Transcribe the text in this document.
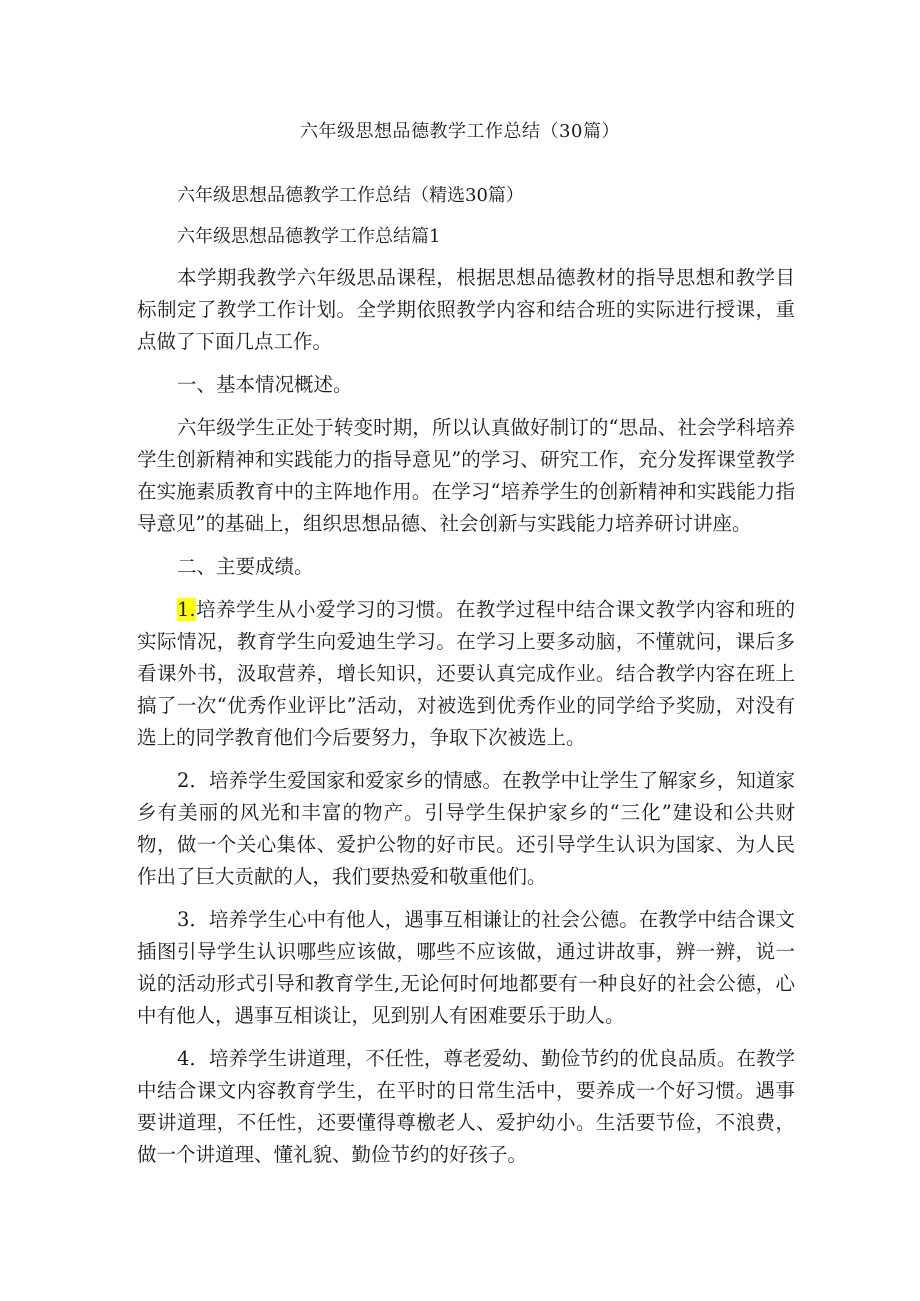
六年级思想品德教学工作总结（30篇）
六年级思想品德教学工作总结（精选30篇）
六年级思想品德教学工作总结篇1

本学期我教学六年级思品课程，根据思想品德教材的指导思想和教学目标制定了教学工作计划。全学期依照教学内容和结合班的实际进行授课，重点做了下面几点工作。

一、基本情况概述。

六年级学生正处于转变时期，所以认真做好制订的“思品、社会学科培养学生创新精神和实践能力的指导意见”的学习、研究工作，充分发挥课堂教学在实施素质教育中的主阵地作用。在学习“培养学生的创新精神和实践能力指导意见”的基础上，组织思想品德、社会创新与实践能力培养研讨讲座。

二、主要成绩。

1.培养学生从小爱学习的习惯。在教学过程中结合课文教学内容和班的实际情况，教育学生向爱迪生学习。在学习上要多动脑，不懂就问，课后多看课外书，汲取营养，增长知识，还要认真完成作业。结合教学内容在班上搞了一次“优秀作业评比”活动，对被选到优秀作业的同学给予奖励，对没有选上的同学教育他们今后要努力，争取下次被选上。

2．培养学生爱国家和爱家乡的情感。在教学中让学生了解家乡，知道家乡有美丽的风光和丰富的物产。引导学生保护家乡的“三化”建设和公共财物，做一个关心集体、爱护公物的好市民。还引导学生认识为国家、为人民作出了巨大贡献的人，我们要热爱和敬重他们。

3．培养学生心中有他人，遇事互相谦让的社会公德。在教学中结合课文插图引导学生认识哪些应该做，哪些不应该做，通过讲故事，辨一辨，说一说的活动形式引导和教育学生,无论何时何地都要有一种良好的社会公德，心中有他人，遇事互相谈让，见到别人有困难要乐于助人。

4．培养学生讲道理，不任性，尊老爱幼、勤俭节约的优良品质。在教学中结合课文内容教育学生，在平时的日常生活中，要养成一个好习惯。遇事要讲道理，不任性，还要懂得尊檄老人、爱护幼小。生活要节俭，不浪费，做一个讲道理、懂礼貌、勤俭节约的好孩子。
